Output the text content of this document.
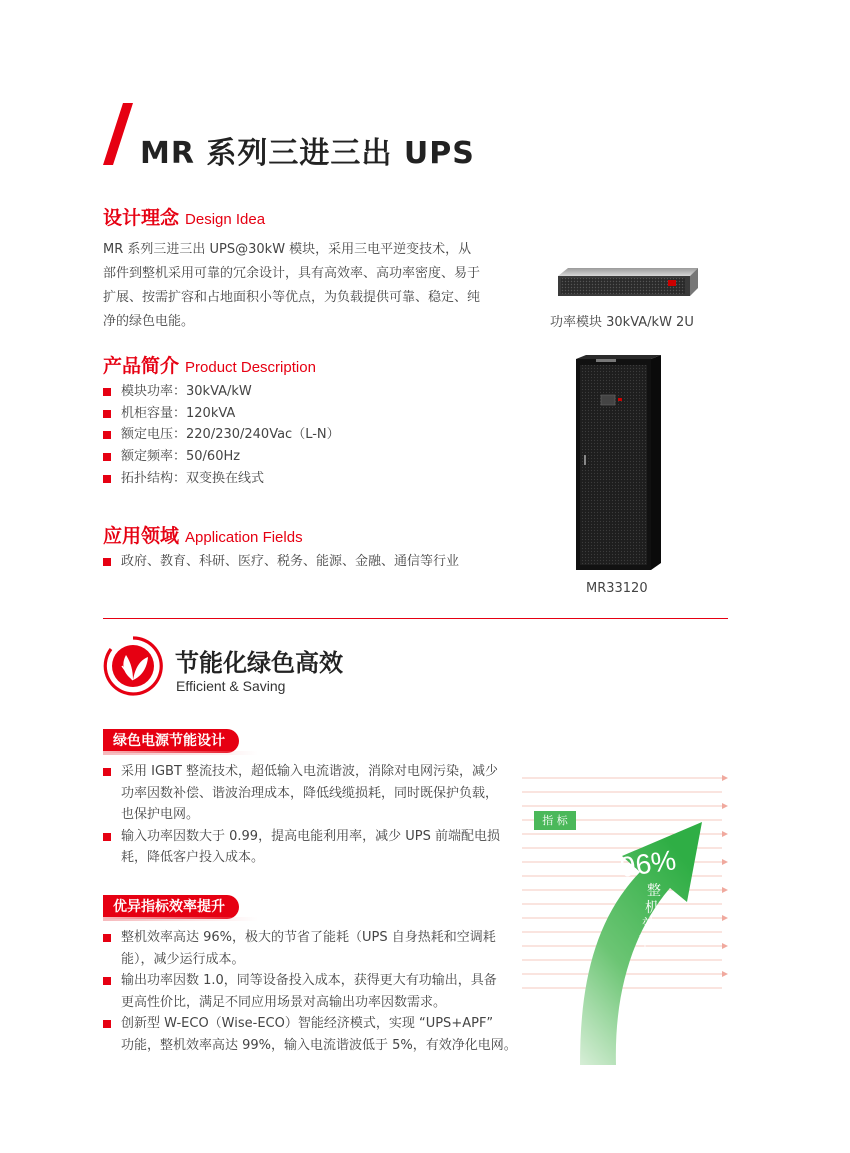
MR 系列三进三出 UPS
设计理念 Design Idea
MR 系列三进三出 UPS@30kW 模块，采用三电平逆变技术，从
部件到整机采用可靠的冗余设计，具有高效率、高功率密度、易于
扩展、按需扩容和占地面积小等优点，为负载提供可靠、稳定、纯
净的绿色电能。	功率模块 30kVA/kW 2U
产品简介 Product Description
模块功率：30kVA/kW
机柜容量：120kVA
额定电压：220/230/240Vac（L-N）
额定频率：50/60Hz
拓扑结构：双变换在线式
应用领域 Application Fields
政府、教育、科研、医疗、税务、能源、金融、通信等行业
MR33120
节能化绿色高效
Efficient & Saving
绿色电源节能设计
采用 IGBT 整流技术，超低输入电流谐波，消除对电网污染，减少
功率因数补偿、谐波治理成本，降低线缆损耗，同时既保护负载，
也保护电网。
输入功率因数大于 0.99，提高电能利用率，减少 UPS 前端配电损
耗，降低客户投入成本。
优异指标效率提升
整机效率高达 96%，极大的节省了能耗（UPS 自身热耗和空调耗
能），减少运行成本。
输出功率因数 1.0，同等设备投入成本，获得更大有功输出，具备
更高性价比，满足不同应用场景对高输出功率因数需求。
创新型 W-ECO（Wise-ECO）智能经济模式，实现 “UPS+APF”
功能，整机效率高达 99%，输入电流谐波低于 5%，有效净化电网。
指 标
96%
整
机
效
率
